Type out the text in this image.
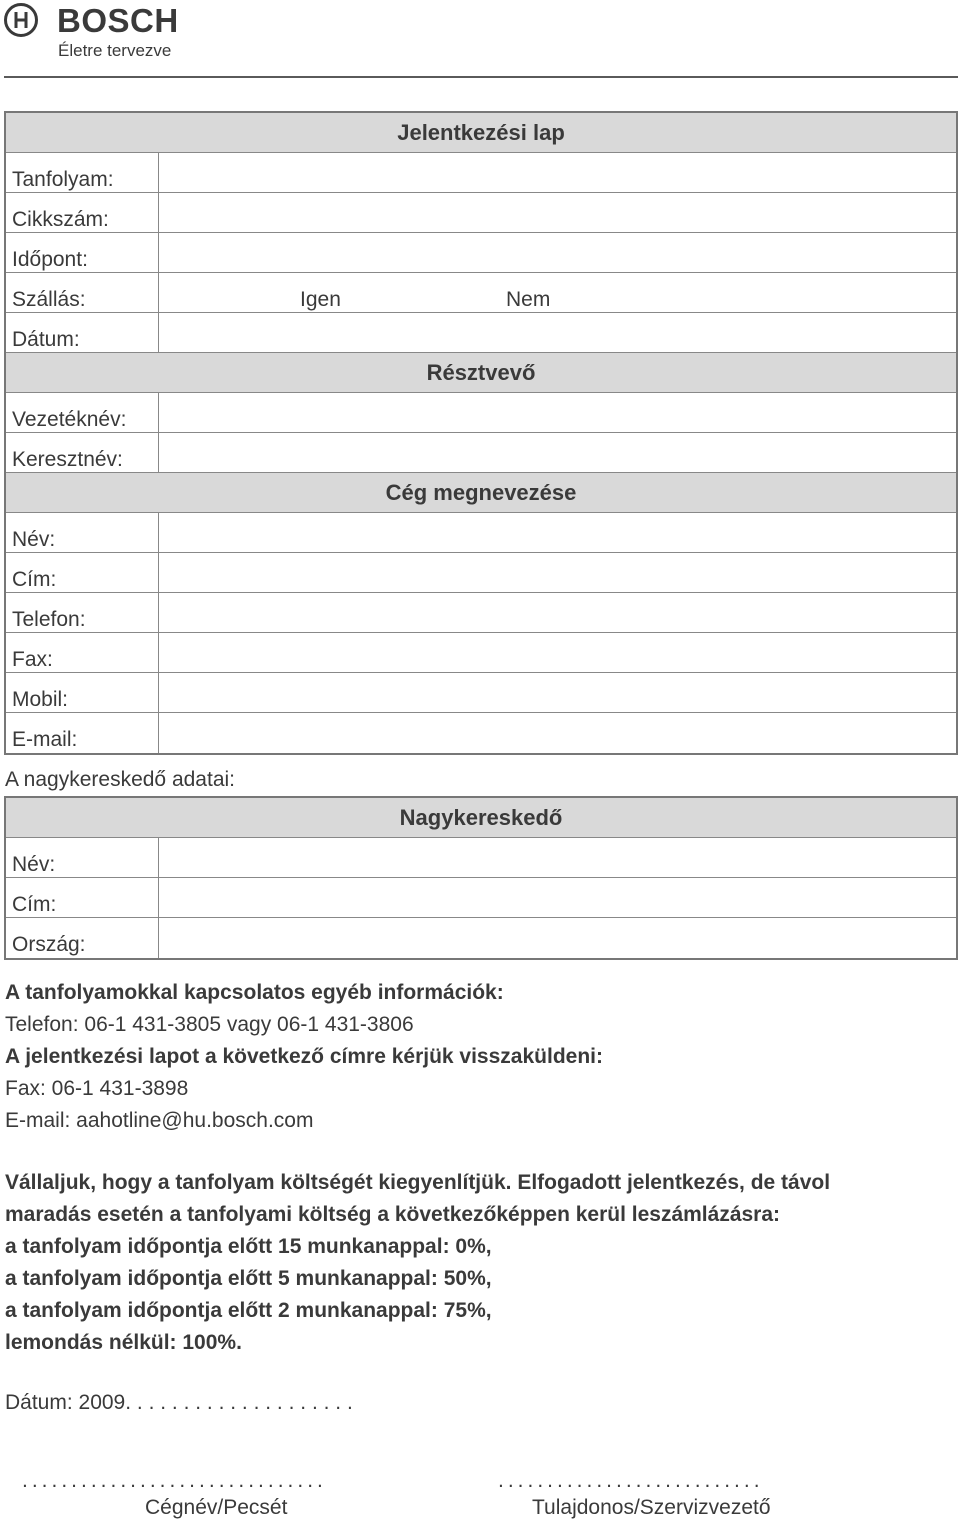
BOSCH
Életre tervezve
Jelentkezési lap
Tanfolyam:
Cikkszám:
Időpont:
Szállás:	Igen	Nem
Dátum:
Résztvevő
Vezetéknév:
Keresztnév:
Cég megnevezése
Név:
Cím:
Telefon:
Fax:
Mobil:
E-mail:
A nagykereskedő adatai:
Nagykereskedő
Név:
Cím:
Ország:
A tanfolyamokkal kapcsolatos egyéb információk:
Telefon: 06-1 431-3805 vagy 06-1 431-3806
A jelentkezési lapot a következő címre kérjük visszaküldeni:
Fax: 06-1 431-3898
E-mail: aahotline@hu.bosch.com
Vállaljuk, hogy a tanfolyam költségét kiegyenlítjük. Elfogadott jelentkezés, de távol
maradás esetén a tanfolyami költség a következőképpen kerül leszámlázásra:
a tanfolyam időpontja előtt 15 munkanappal: 0%,
a tanfolyam időpontja előtt 5 munkanappal: 50%,
a tanfolyam időpontja előtt 2 munkanappal: 75%,
lemondás nélkül: 100%.
Dátum: 2009. . . . . . . . . . . . . . . . . . . .
...............................	...........................
Cégnév/Pecsét	Tulajdonos/Szervizvezető
